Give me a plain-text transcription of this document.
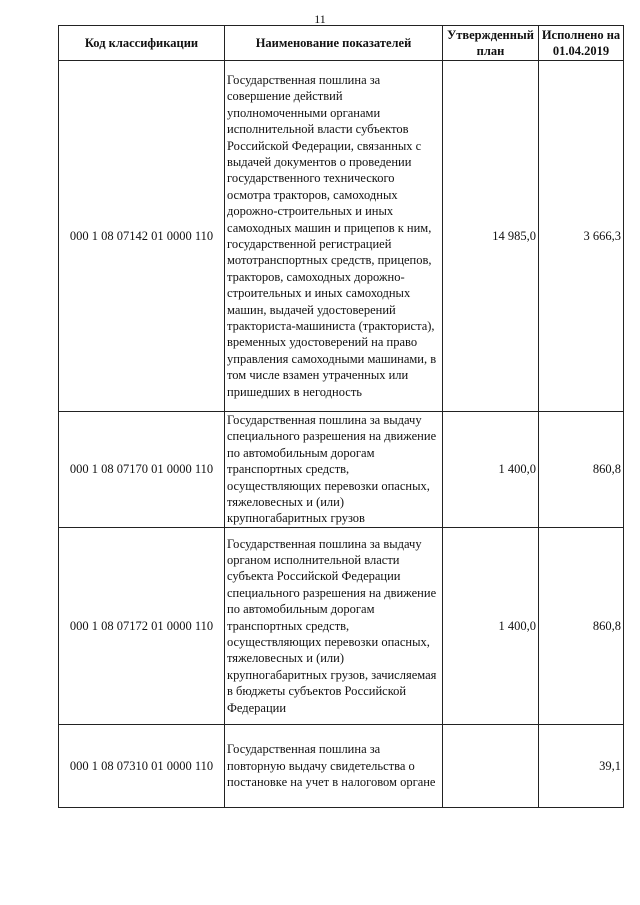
11
Код классификации	Наименование показателей	Утвержденный план	Исполнено на 01.04.2019
000 1 08 07142 01 0000 110	Государственная пошлина за совершение действий уполномоченными органами исполнительной власти субъектов Российской Федерации, связанных с выдачей документов о проведении государственного технического осмотра тракторов, самоходных дорожно-строительных и иных самоходных машин и прицепов к ним, государственной регистрацией мототранспортных средств, прицепов, тракторов, самоходных дорожно-строительных и иных самоходных машин, выдачей удостоверений тракториста-машиниста (тракториста), временных удостоверений на право управления самоходными машинами, в том числе взамен утраченных или пришедших в негодность	14 985,0	3 666,3
000 1 08 07170 01 0000 110	Государственная пошлина за выдачу специального разрешения на движение по автомобильным дорогам транспортных средств, осуществляющих перевозки опасных, тяжеловесных и (или) крупногабаритных грузов	1 400,0	860,8
000 1 08 07172 01 0000 110	Государственная пошлина за выдачу органом исполнительной власти субъекта Российской Федерации специального разрешения на движение по автомобильным дорогам транспортных средств, осуществляющих перевозки опасных, тяжеловесных и (или) крупногабаритных грузов, зачисляемая в бюджеты субъектов Российской Федерации	1 400,0	860,8
000 1 08 07310 01 0000 110	Государственная пошлина за повторную выдачу свидетельства о постановке на учет в налоговом органе		39,1
